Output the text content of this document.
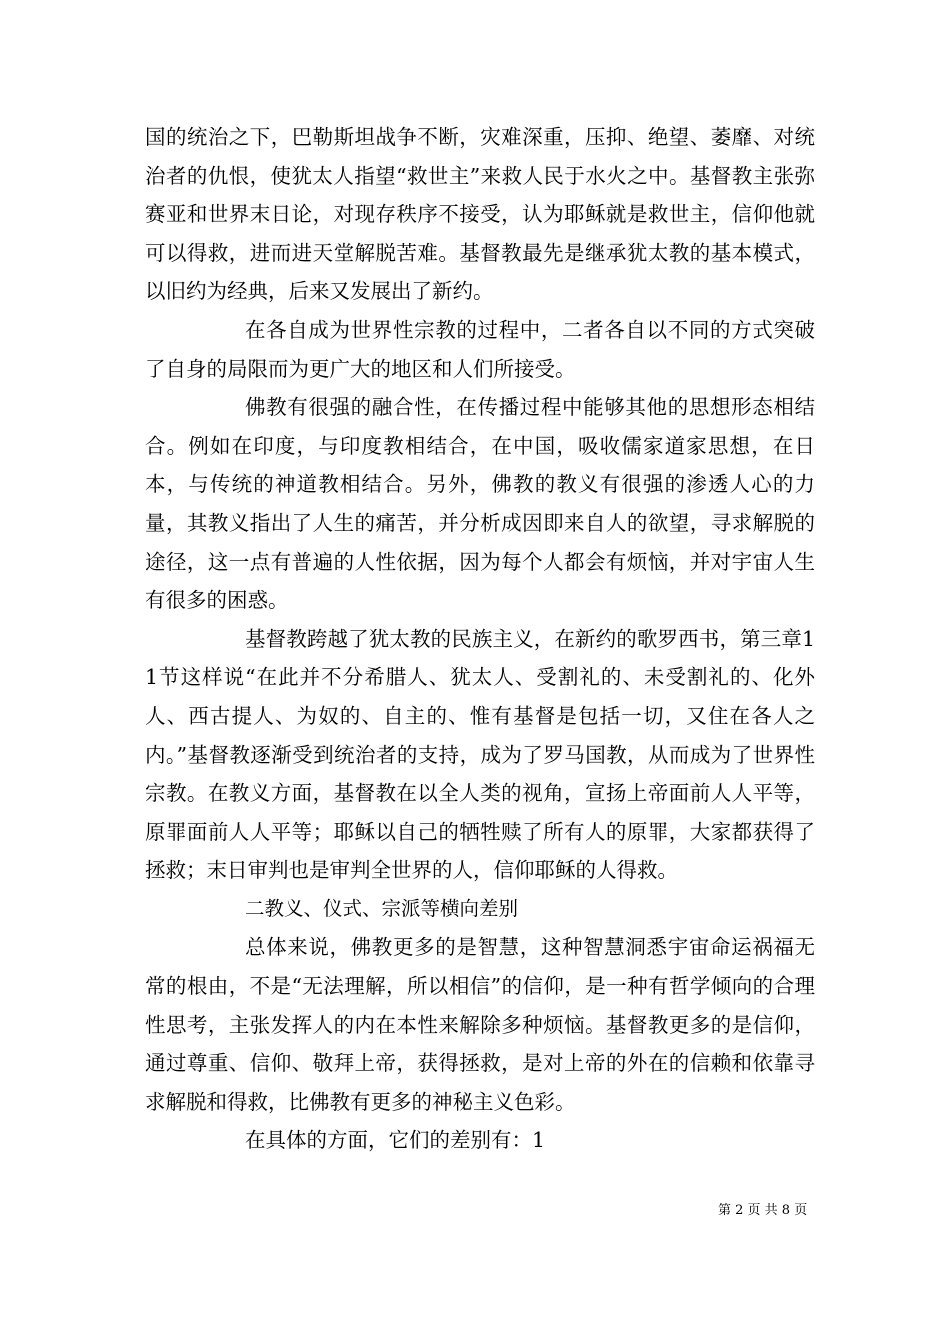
国的统治之下，巴勒斯坦战争不断，灾难深重，压抑、绝望、萎靡、对统治者的仇恨，使犹太人指望“救世主”来救人民于水火之中。基督教主张弥赛亚和世界末日论，对现存秩序不接受，认为耶稣就是救世主，信仰他就可以得救，进而进天堂解脱苦难。基督教最先是继承犹太教的基本模式，以旧约为经典，后来又发展出了新约。

在各自成为世界性宗教的过程中，二者各自以不同的方式突破了自身的局限而为更广大的地区和人们所接受。

佛教有很强的融合性，在传播过程中能够其他的思想形态相结合。例如在印度，与印度教相结合，在中国，吸收儒家道家思想，在日本，与传统的神道教相结合。另外，佛教的教义有很强的渗透人心的力量，其教义指出了人生的痛苦，并分析成因即来自人的欲望，寻求解脱的途径，这一点有普遍的人性依据，因为每个人都会有烦恼，并对宇宙人生有很多的困惑。

基督教跨越了犹太教的民族主义，在新约的歌罗西书，第三章11节这样说“在此并不分希腊人、犹太人、受割礼的、未受割礼的、化外人、西古提人、为奴的、自主的、惟有基督是包括一切，又住在各人之内。”基督教逐渐受到统治者的支持，成为了罗马国教，从而成为了世界性宗教。在教义方面，基督教在以全人类的视角，宣扬上帝面前人人平等，原罪面前人人平等；耶稣以自己的牺牲赎了所有人的原罪，大家都获得了拯救；末日审判也是审判全世界的人，信仰耶稣的人得救。

二教义、仪式、宗派等横向差别

总体来说，佛教更多的是智慧，这种智慧洞悉宇宙命运祸福无常的根由，不是“无法理解，所以相信”的信仰，是一种有哲学倾向的合理性思考，主张发挥人的内在本性来解除多种烦恼。基督教更多的是信仰，通过尊重、信仰、敬拜上帝，获得拯救，是对上帝的外在的信赖和依靠寻求解脱和得救，比佛教有更多的神秘主义色彩。

在具体的方面，它们的差别有：1

第 2 页 共 8 页
